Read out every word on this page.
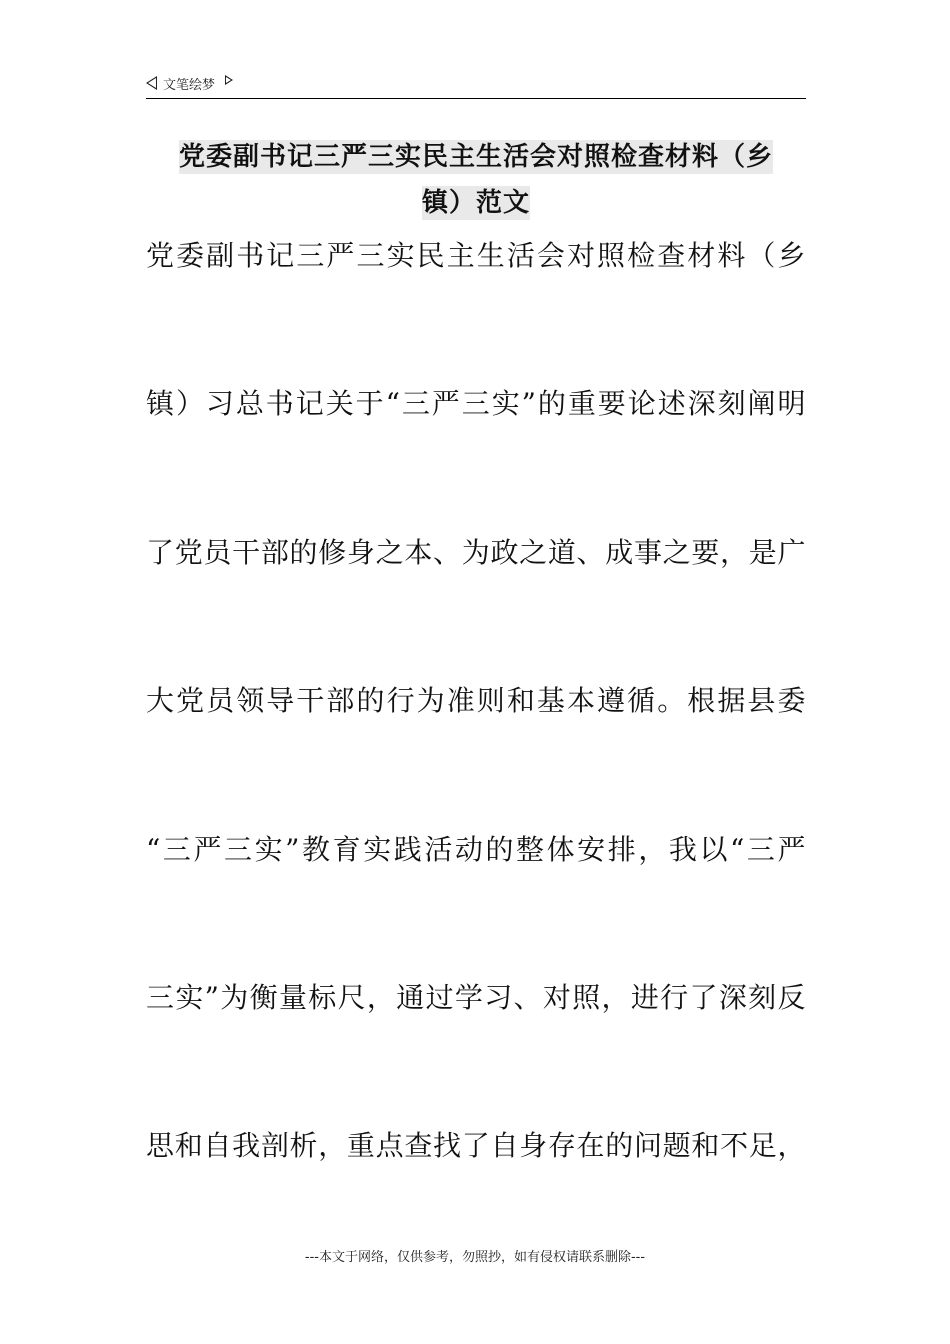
文笔绘梦
党委副书记三严三实民主生活会对照检查材料（乡
镇）范文
党委副书记三严三实民主生活会对照检查材料（乡
镇）习总书记关于“三严三实”的重要论述深刻阐明
了党员干部的修身之本、为政之道、成事之要，是广
大党员领导干部的行为准则和基本遵循。根据县委
“三严三实”教育实践活动的整体安排，我以“三严
三实”为衡量标尺，通过学习、对照，进行了深刻反
思和自我剖析，重点查找了自身存在的问题和不足，
---本文于网络，仅供参考，勿照抄，如有侵权请联系删除---
